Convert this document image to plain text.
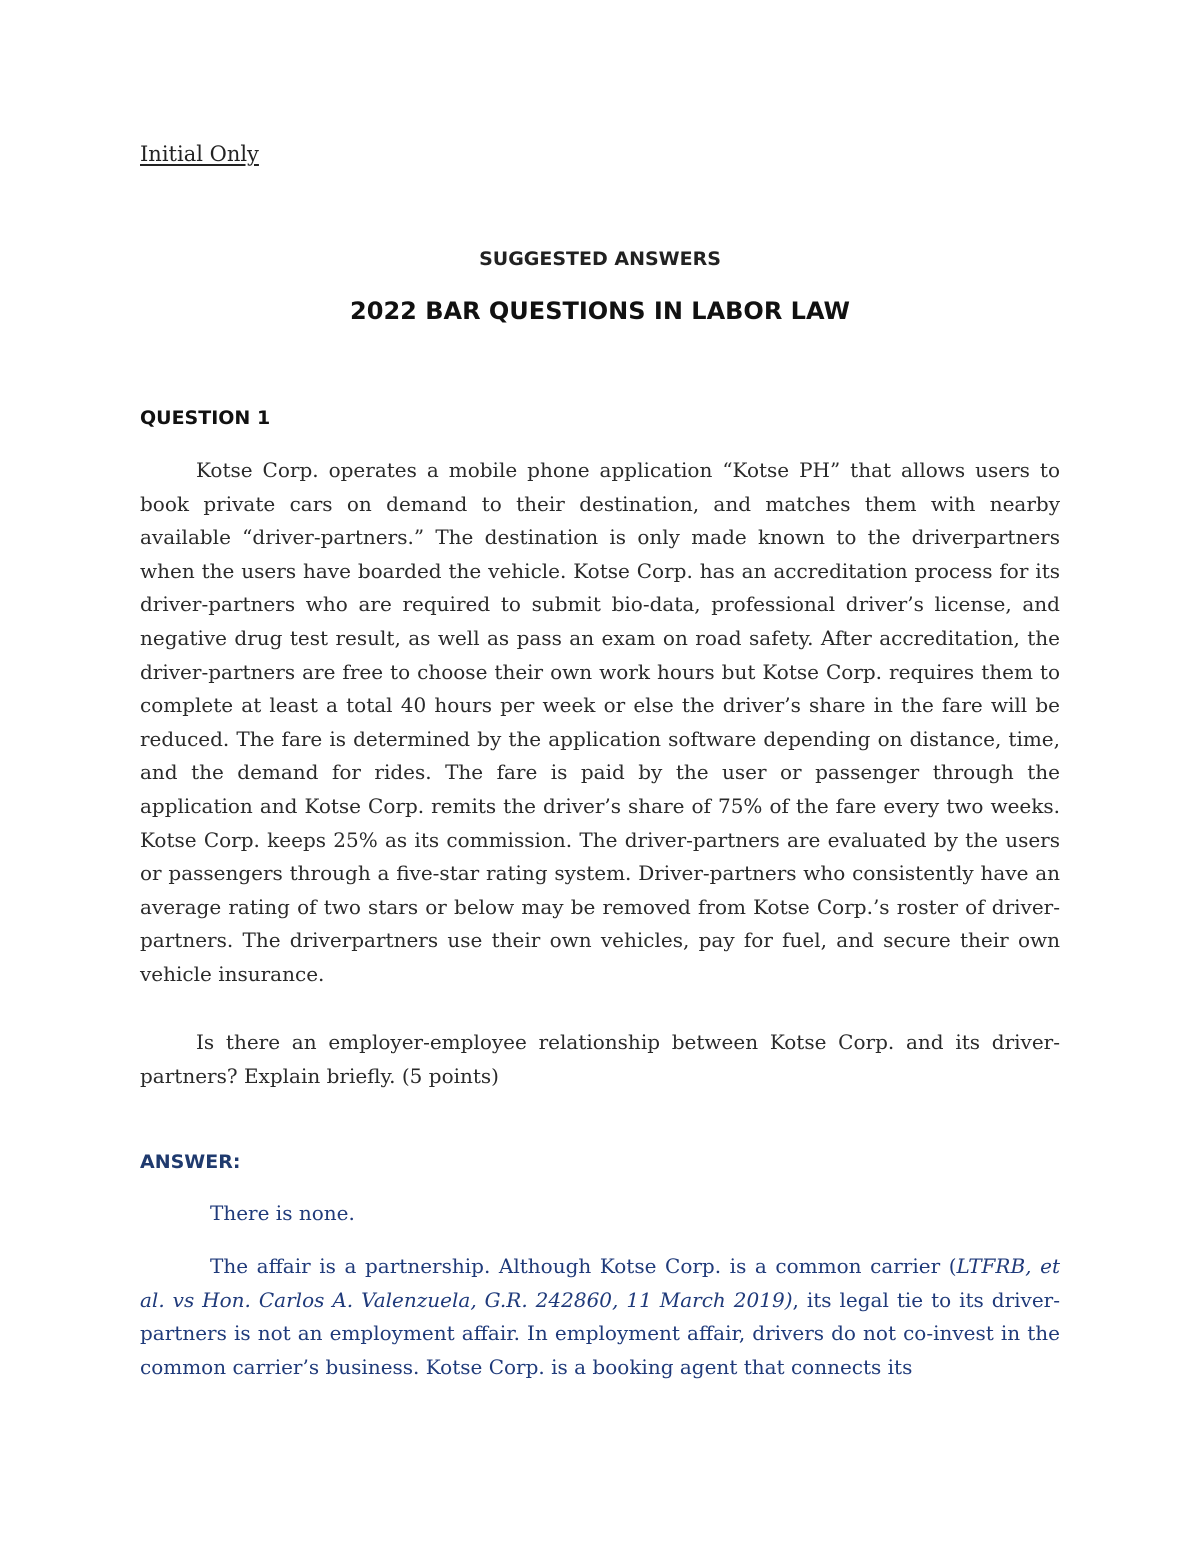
Initial Only

SUGGESTED ANSWERS

2022 BAR QUESTIONS IN LABOR LAW

QUESTION 1

Kotse Corp. operates a mobile phone application “Kotse PH” that allows users to book private cars on demand to their destination, and matches them with nearby available “driver-partners.” The destination is only made known to the driverpartners when the users have boarded the vehicle. Kotse Corp. has an accreditation process for its driver-partners who are required to submit bio-data, professional driver’s license, and negative drug test result, as well as pass an exam on road safety. After accreditation, the driver-partners are free to choose their own work hours but Kotse Corp. requires them to complete at least a total 40 hours per week or else the driver’s share in the fare will be reduced. The fare is determined by the application software depending on distance, time, and the demand for rides. The fare is paid by the user or passenger through the application and Kotse Corp. remits the driver’s share of 75% of the fare every two weeks. Kotse Corp. keeps 25% as its commission. The driver-partners are evaluated by the users or passengers through a five-star rating system. Driver-partners who consistently have an average rating of two stars or below may be removed from Kotse Corp.’s roster of driver-partners. The driverpartners use their own vehicles, pay for fuel, and secure their own vehicle insurance.

Is there an employer-employee relationship between Kotse Corp. and its driver-partners? Explain briefly. (5 points)

ANSWER:

There is none.

The affair is a partnership. Although Kotse Corp. is a common carrier (LTFRB, et al. vs Hon. Carlos A. Valenzuela, G.R. 242860, 11 March 2019), its legal tie to its driver-partners is not an employment affair. In employment affair, drivers do not co-invest in the common carrier’s business. Kotse Corp. is a booking agent that connects its
